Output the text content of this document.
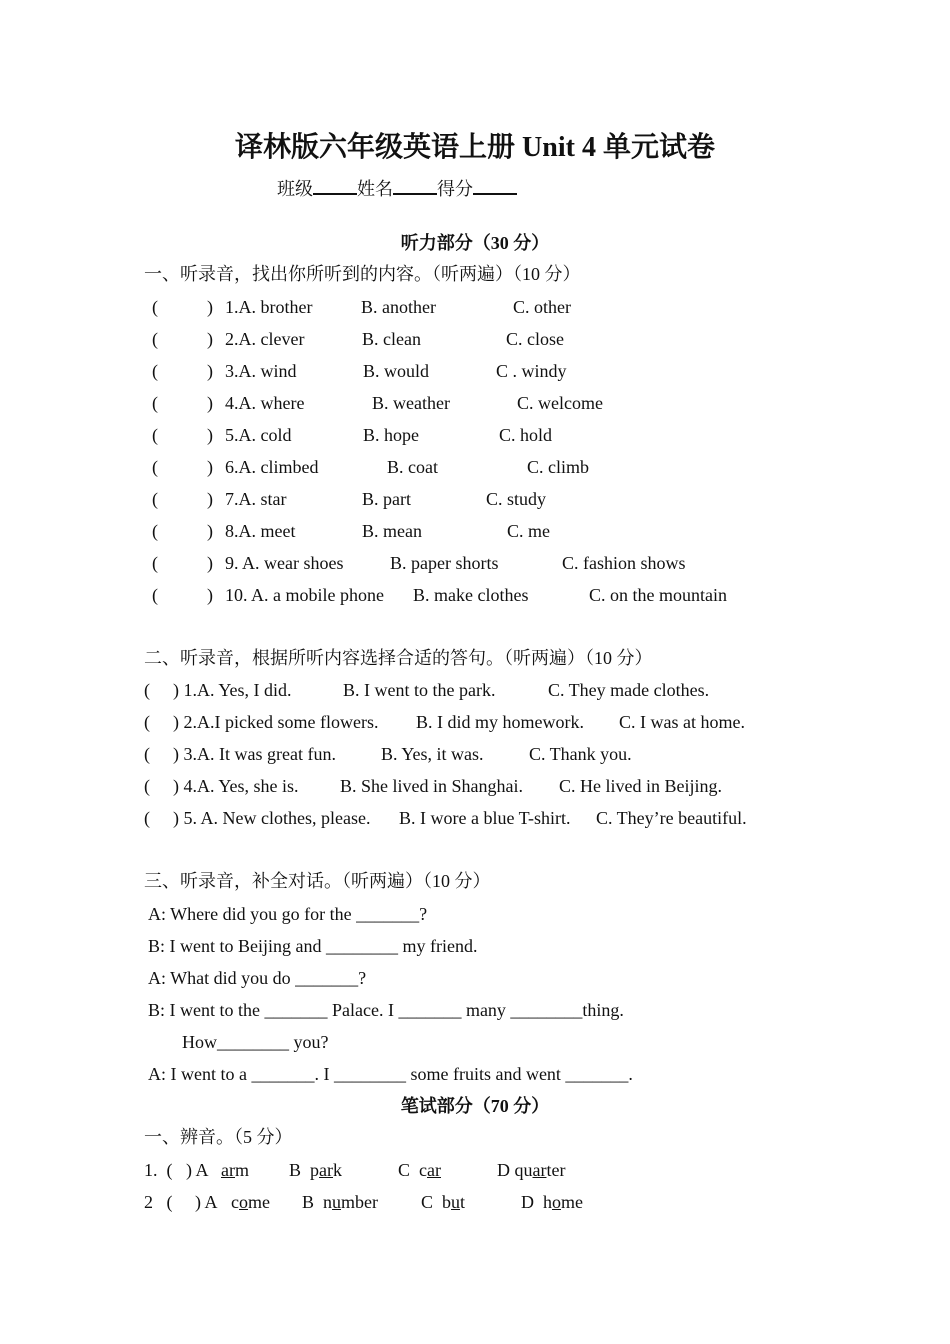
译林版六年级英语上册 Unit 4 单元试卷
班级 姓名 得分
听力部分（30 分）
一、听录音，找出你所听到的内容。（听两遍）（10 分）
(	) 1.A. brother	B. another	C. other
(	) 2.A. clever	B. clean	C. close
(	) 3.A. wind	B. would	C . windy
(	) 4.A. where	B. weather	C. welcome
(	) 5.A. cold	B. hope	C. hold
(	) 6.A. climbed	B. coat	C. climb
(	) 7.A. star	B. part	C. study
(	) 8.A. meet	B. mean	C. me
(	) 9. A. wear shoes	B. paper shorts	C. fashion shows
(	) 10. A. a mobile phone B. make clothes	C. on the mountain
二、听录音，根据所听内容选择合适的答句。（听两遍）（10 分）
( ) 1.A. Yes, I did.	B. I went to the park.	C. They made clothes.
( ) 2.A.I picked some flowers. B. I did my homework. C. I was at home.
( ) 3.A. It was great fun.	B. Yes, it was.	C. Thank you.
( ) 4.A. Yes, she is. B. She lived in Shanghai. C. He lived in Beijing.
( ) 5. A. New clothes, please. B. I wore a blue T-shirt. C. They’re beautiful.
三、听录音，补全对话。（听两遍）（10 分）
A: Where did you go for the _______?
B: I went to Beijing and ________ my friend.
A: What did you do _______?
B: I went to the _______ Palace. I _______ many ________thing.
How________ you?
A: I went to a _______. I ________ some fruits and went _______.
笔试部分（70 分）
一、辨音。（5 分）
1.  (   ) A arm B park	C car	D quarter
2   (     ) A come B number C but	D home
